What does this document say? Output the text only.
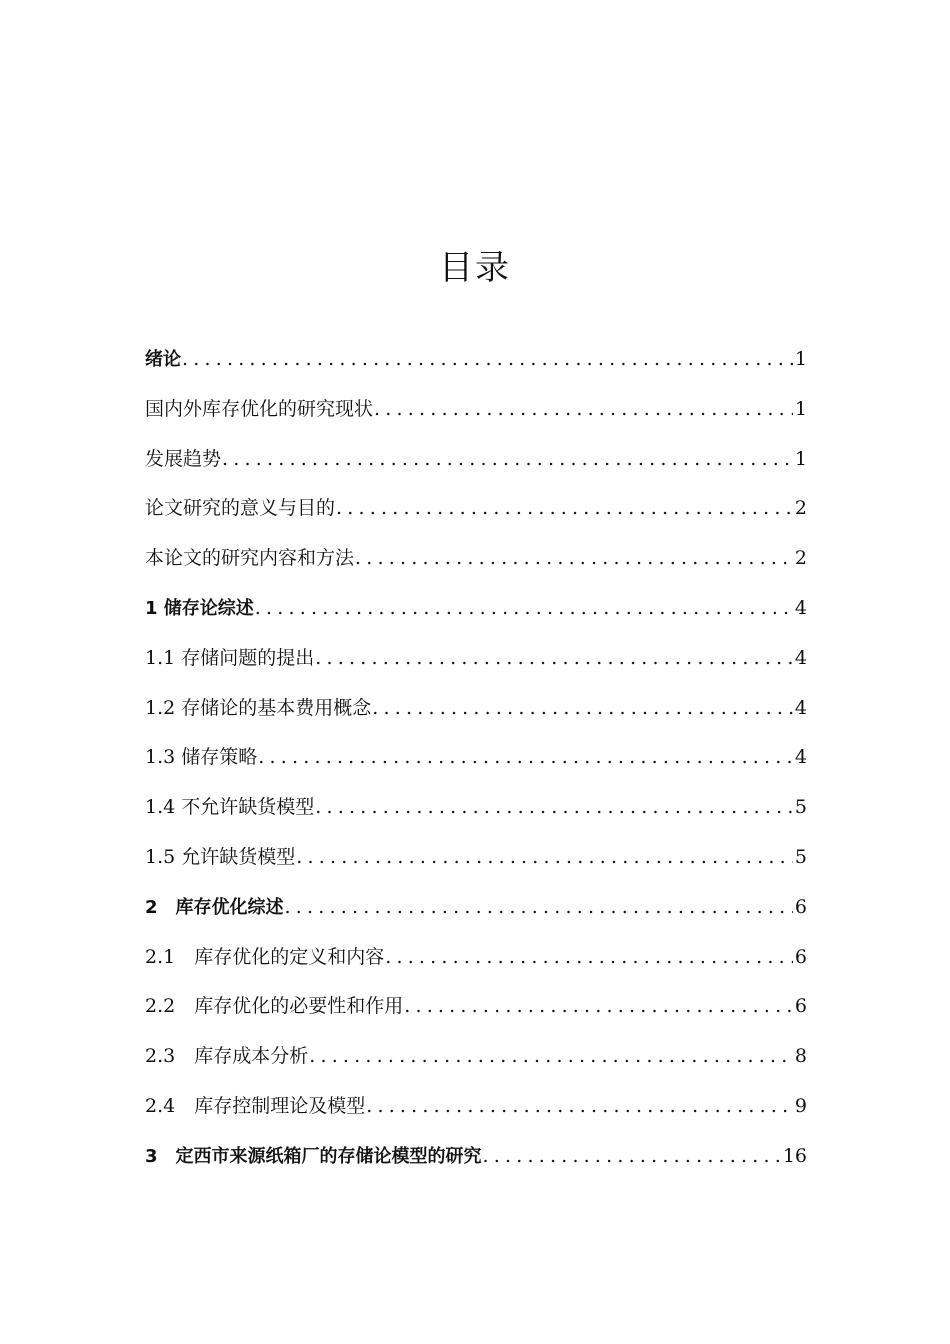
目录
绪论 .....	1
国内外库存优化的研究现状 .....	1
发展趋势 .....	1
论文研究的意义与目的 .....	2
本论文的研究内容和方法 .....	2
1 储存论综述 .....	4
1.1 存储问题的提出 .....	4
1.2 存储论的基本费用概念 .....	4
1.3 储存策略 .....	4
1.4 不允许缺货模型 .....	5
1.5 允许缺货模型 .....	5
2　库存优化综述 .....	6
2.1　库存优化的定义和内容 .....	6
2.2　库存优化的必要性和作用 .....	6
2.3　库存成本分析 .....	8
2.4　库存控制理论及模型 .....	9
3　定西市来源纸箱厂的存储论模型的研究 .....	16
